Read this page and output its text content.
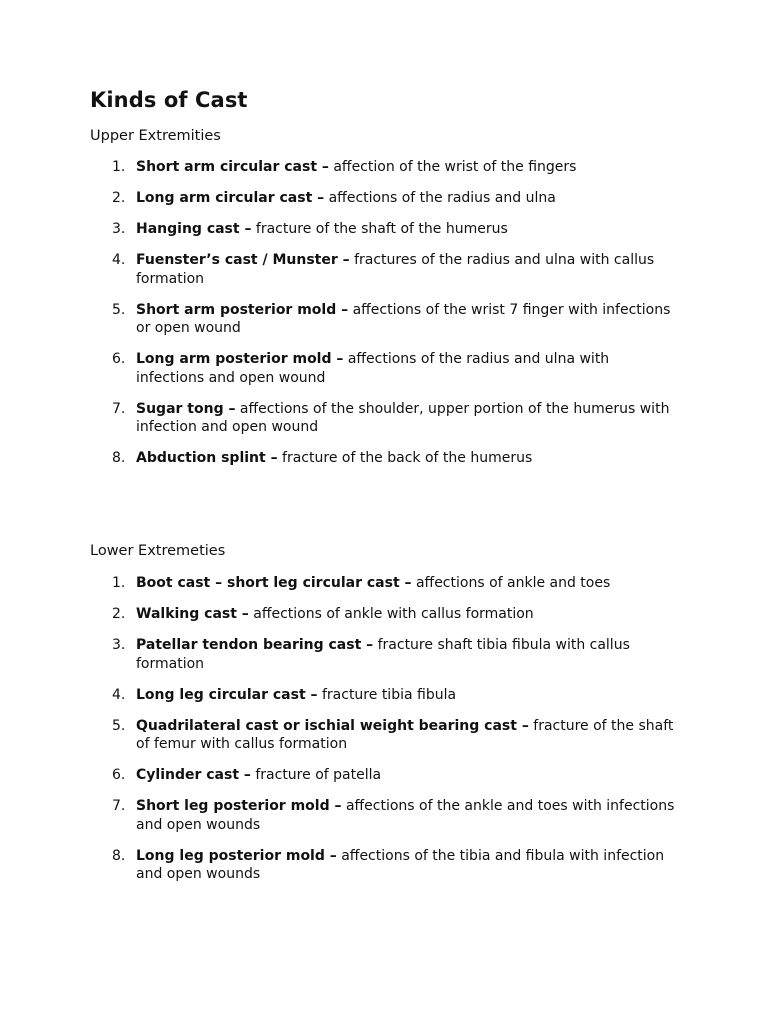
Kinds of Cast
Upper Extremities
1. Short arm circular cast – affection of the wrist of the fingers
2. Long arm circular cast – affections of the radius and ulna
3. Hanging cast – fracture of the shaft of the humerus
4. Fuenster’s cast / Munster – fractures of the radius and ulna with callus formation
5. Short arm posterior mold – affections of the wrist 7 finger with infections or open wound
6. Long arm posterior mold – affections of the radius and ulna with infections and open wound
7. Sugar tong – affections of the shoulder, upper portion of the humerus with infection and open wound
8. Abduction splint – fracture of the back of the humerus
Lower Extremeties
1. Boot cast – short leg circular cast – affections of ankle and toes
2. Walking cast – affections of ankle with callus formation
3. Patellar tendon bearing cast – fracture shaft tibia fibula with callus formation
4. Long leg circular cast – fracture tibia fibula
5. Quadrilateral cast or ischial weight bearing cast – fracture of the shaft of femur with callus formation
6. Cylinder cast – fracture of patella
7. Short leg posterior mold – affections of the ankle and toes with infections and open wounds
8. Long leg posterior mold – affections of the tibia and fibula with infection and open wounds
